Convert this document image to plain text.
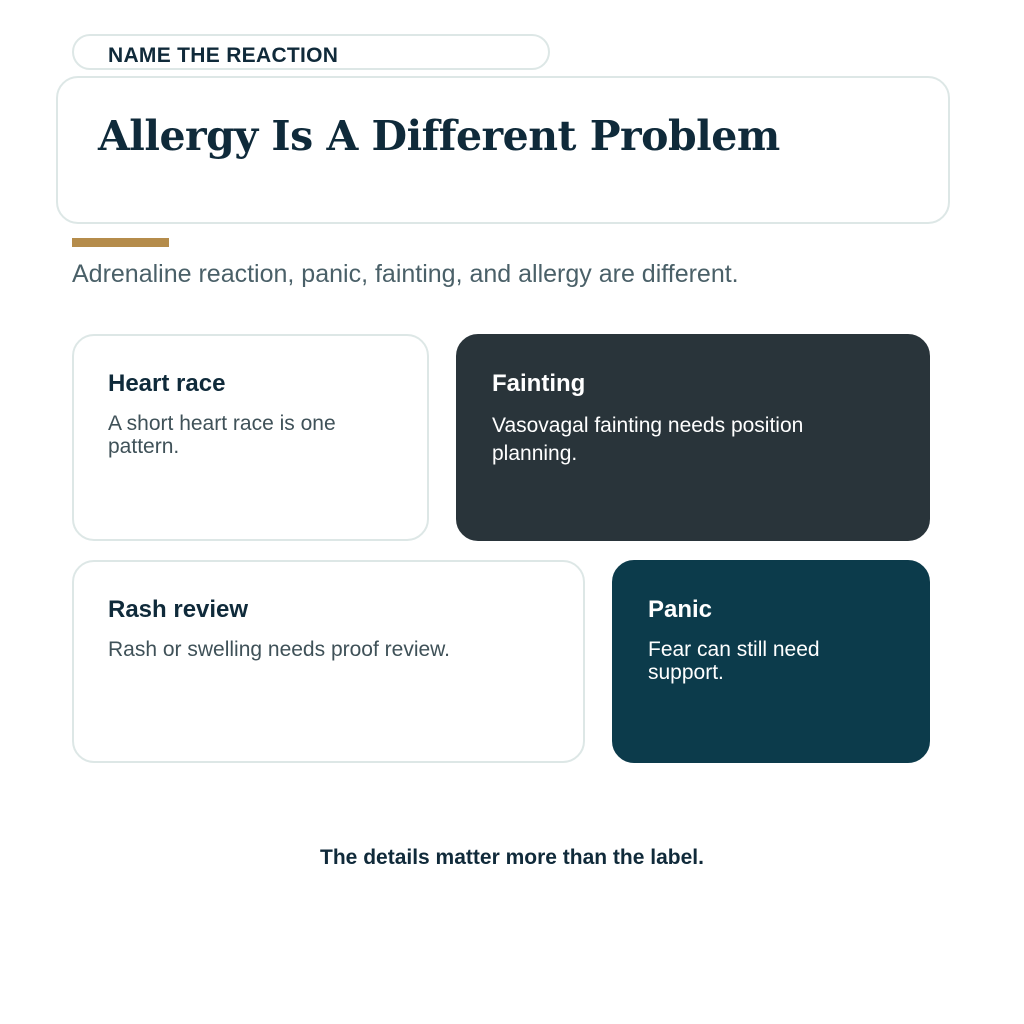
NAME THE REACTION
Allergy Is A Different Problem

Adrenaline reaction, panic, fainting, and allergy are different.

Heart race

A short heart race is one pattern.

Fainting

Vasovagal fainting needs position planning.

Rash review

Rash or swelling needs proof review.

Panic

Fear can still need support.

The details matter more than the label.
